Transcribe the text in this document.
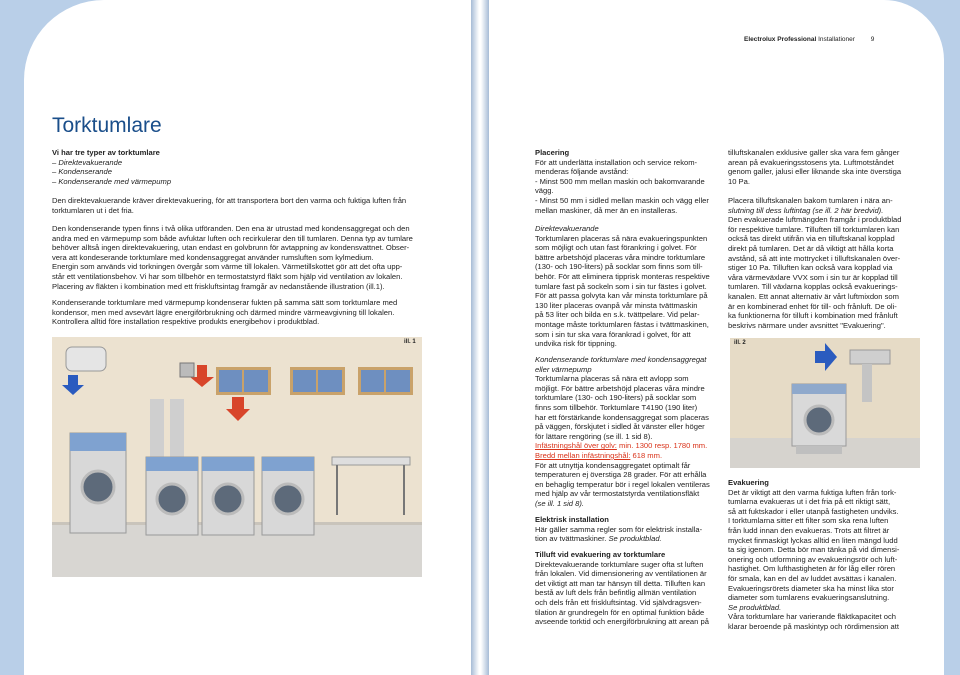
Electrolux Professional Installationer 9
Torktumlare

Vi har tre typer av torktumlare

– Direktevakuerande

– Kondenserande

– Kondenserande med värmepump

Den direktevakuerande kräver direktevakuering, för att transportera bort den varma och fuktiga luften från torktumlaren ut i det fria.

Den kondenserande typen finns i två olika utföranden. Den ena är utrustad med kondensaggregat och den

andra med en värmepump som både avfuktar luften och recirkulerar den till tumlaren. Denna typ av tumlare

behöver alltså ingen direktevakuering, utan endast en golvbrunn för avtappning av kondensvattnet. Obser-

vera att kondeserande torktumlare med kondensaggregat använder rumsluften som kylmedium.

Energin som används vid torkningen övergår som värme till lokalen. Värmetillskottet gör att det ofta upp-

står ett ventilationsbehov. Vi har som tillbehör en termostatstyrd fläkt som hjälp vid ventilation av lokalen.

Placering av fläkten i kombination med ett friskluftsintag framgår av nedanstående illustration (ill.1).

Kondenserande torktumlare med värmepump kondenserar fukten på samma sätt som torktumlare med

kondensor, men med avsevärt lägre energiförbrukning och därmed mindre värmeavgivning till lokalen.

Kontrollera alltid före installation respektive produkts energibehov i produktblad.

ill. 1

Placering

För att underlätta installation och service rekom-

menderas följande avstånd:

- Minst 500 mm mellan maskin och bakomvarande

vägg.

- Minst 50 mm i sidled mellan maskin och vägg eller

mellan maskiner, då mer än en installeras.

Direktevakuerande

Torktumlaren placeras så nära evakueringspunkten

som möjligt och utan fast förankring i golvet. För

bättre arbetshöjd placeras våra mindre torktumlare

(130- och 190-liters) på socklar som finns som till-

behör. För att eliminera tipprisk monteras respektive

tumlare fast på sockeln som i sin tur fästes i golvet.

För att passa golvyta kan vår minsta torktumlare på

130 liter placeras ovanpå vår minsta tvättmaskin

på 53 liter och bilda en s.k. tvättpelare. Vid pelar-

montage måste torktumlaren fästas i tvättmaskinen,

som i sin tur ska vara förankrad i golvet, för att

undvika risk för tippning.

Kondenserande torktumlare med kondensaggregat

eller värmepump

Torktumlarna placeras så nära ett avlopp som

möjligt. För bättre arbetshöjd placeras våra mindre

torktumlare (130- och 190-liters) på socklar som

finns som tillbehör. Torktumlare T4190 (190 liter)

har ett förstärkande kondensaggregat som placeras

på väggen, förskjutet i sidled åt vänster eller höger

för lättare rengöring (se ill. 1 sid 8).

Infästningshål över golv: min. 1300 resp. 1780 mm.

Bredd mellan infästningshål: 618 mm.

För att utnyttja kondensaggregatet optimalt får

temperaturen ej överstiga 28 grader. För att erhålla

en behaglig temperatur bör i regel lokalen ventileras

med hjälp av vår termostatstyrda ventilationsfläkt

(se ill. 1 sid 8).

Elektrisk installation

Här gäller samma regler som för elektrisk installa-

tion av tvättmaskiner. Se produktblad.

Tilluft vid evakuering av torktumlare

Direktevakuerande torktumlare suger ofta st luften

från lokalen. Vid dimensionering av ventilationen är

det viktigt att man tar hänsyn till detta. Tilluften kan

bestå av luft dels från befintlig allmän ventilation

och dels från ett friskluftsintag. Vid självdragsven-

tilation är grundregeln för en optimal funktion både

avseende torktid och energiförbrukning att arean på

tilluftskanalen exklusive galler ska vara fem gånger

arean på evakueringsstosens yta. Luftmotståndet

genom galler, jalusi eller liknande ska inte överstiga

10 Pa.

Placera tilluftskanalen bakom tumlaren i nära an-

slutning till dess luftintag (se ill. 2 här bredvid).

Den evakuerade luftmängden framgår i produktblad

för respektive tumlare. Tilluften till torktumlaren kan

också tas direkt utifrån via en tilluftskanal kopplad

direkt på tumlaren. Det är då viktigt att hålla korta

avstånd, så att inte mottrycket i tilluftskanalen över-

stiger 10 Pa. Tilluften kan också vara kopplad via

våra värmeväxlare VVX som i sin tur är kopplad till

tumlaren. Till växlarna kopplas också evakuerings-

kanalen. Ett annat alternativ är vårt luftmixdon som

är en kombinerad enhet för till- och frånluft. De oli-

ka funktionerna för tilluft i kombination med frånluft

beskrivs närmare under avsnittet "Evakuering".

ill. 2

Evakuering

Det är viktigt att den varma fuktiga luften från tork-

tumlarna evakueras ut i det fria på ett riktigt sätt,

så att fuktskador i eller utanpå fastigheten undviks.

I torktumlarna sitter ett filter som ska rena luften

från ludd innan den evakueras. Trots att filtret är

mycket finmaskigt lyckas alltid en liten mängd ludd

ta sig igenom. Detta bör man tänka på vid dimensi-

onering och utformning av evakueringsrör och luft-

hastighet. Om lufthastigheten är för låg eller rören

för smala, kan en del av luddet avsättas i kanalen.

Evakueringsrörets diameter ska ha minst lika stor

diameter som tumlarens evakueringsanslutning.

Se produktblad.

Våra torktumlare har varierande fläktkapacitet och

klarar beroende på maskintyp och rördimension att
